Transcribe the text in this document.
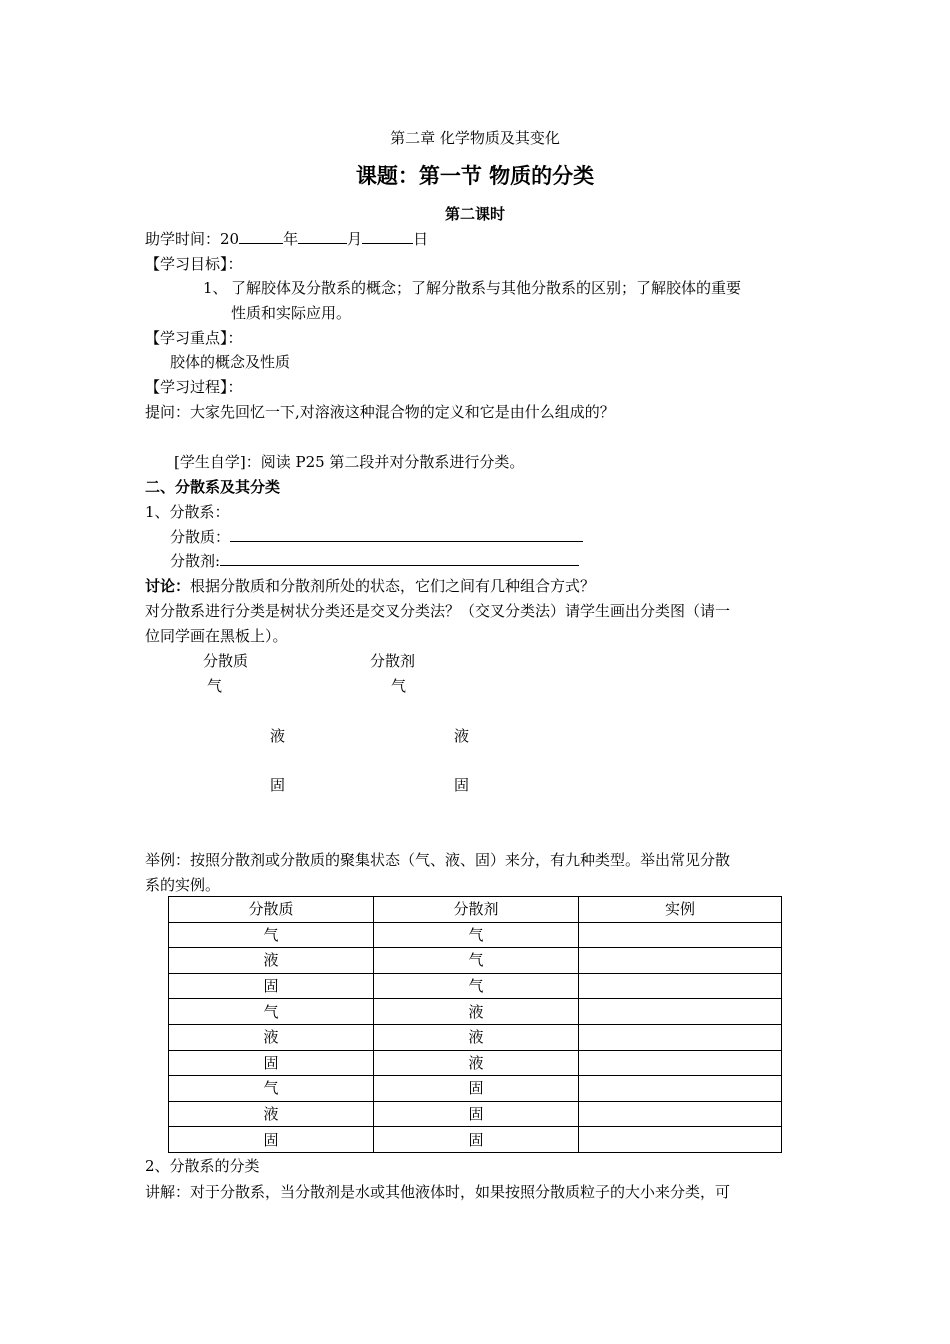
第二章 化学物质及其变化
课题：第一节 物质的分类
第二课时
助学时间：20	年	月	日
【学习目标】：
1、 了解胶体及分散系的概念；了解分散系与其他分散系的区别；了解胶体的重要
性质和实际应用。
【学习重点】：
胶体的概念及性质
【学习过程】：
提问：大家先回忆一下,对溶液这种混合物的定义和它是由什么组成的？
[学生自学]：阅读 P25 第二段并对分散系进行分类。
二、分散系及其分类
1、分散系：
分散质：
分散剂:
讨论：根据分散质和分散剂所处的状态，它们之间有几种组合方式？
对分散系进行分类是树状分类还是交叉分类法？（交叉分类法）请学生画出分类图（请一
位同学画在黑板上）。
分散质	分散剂
气	气
液	液
固	固
举例：按照分散剂或分散质的聚集状态（气、液、固）来分，有九种类型。举出常见分散
系的实例。
分散质	分散剂	实例
气	气	
液	气	
固	气	
气	液	
液	液	
固	液	
气	固	
液	固	
固	固	
2、分散系的分类
讲解：对于分散系，当分散剂是水或其他液体时，如果按照分散质粒子的大小来分类，可
